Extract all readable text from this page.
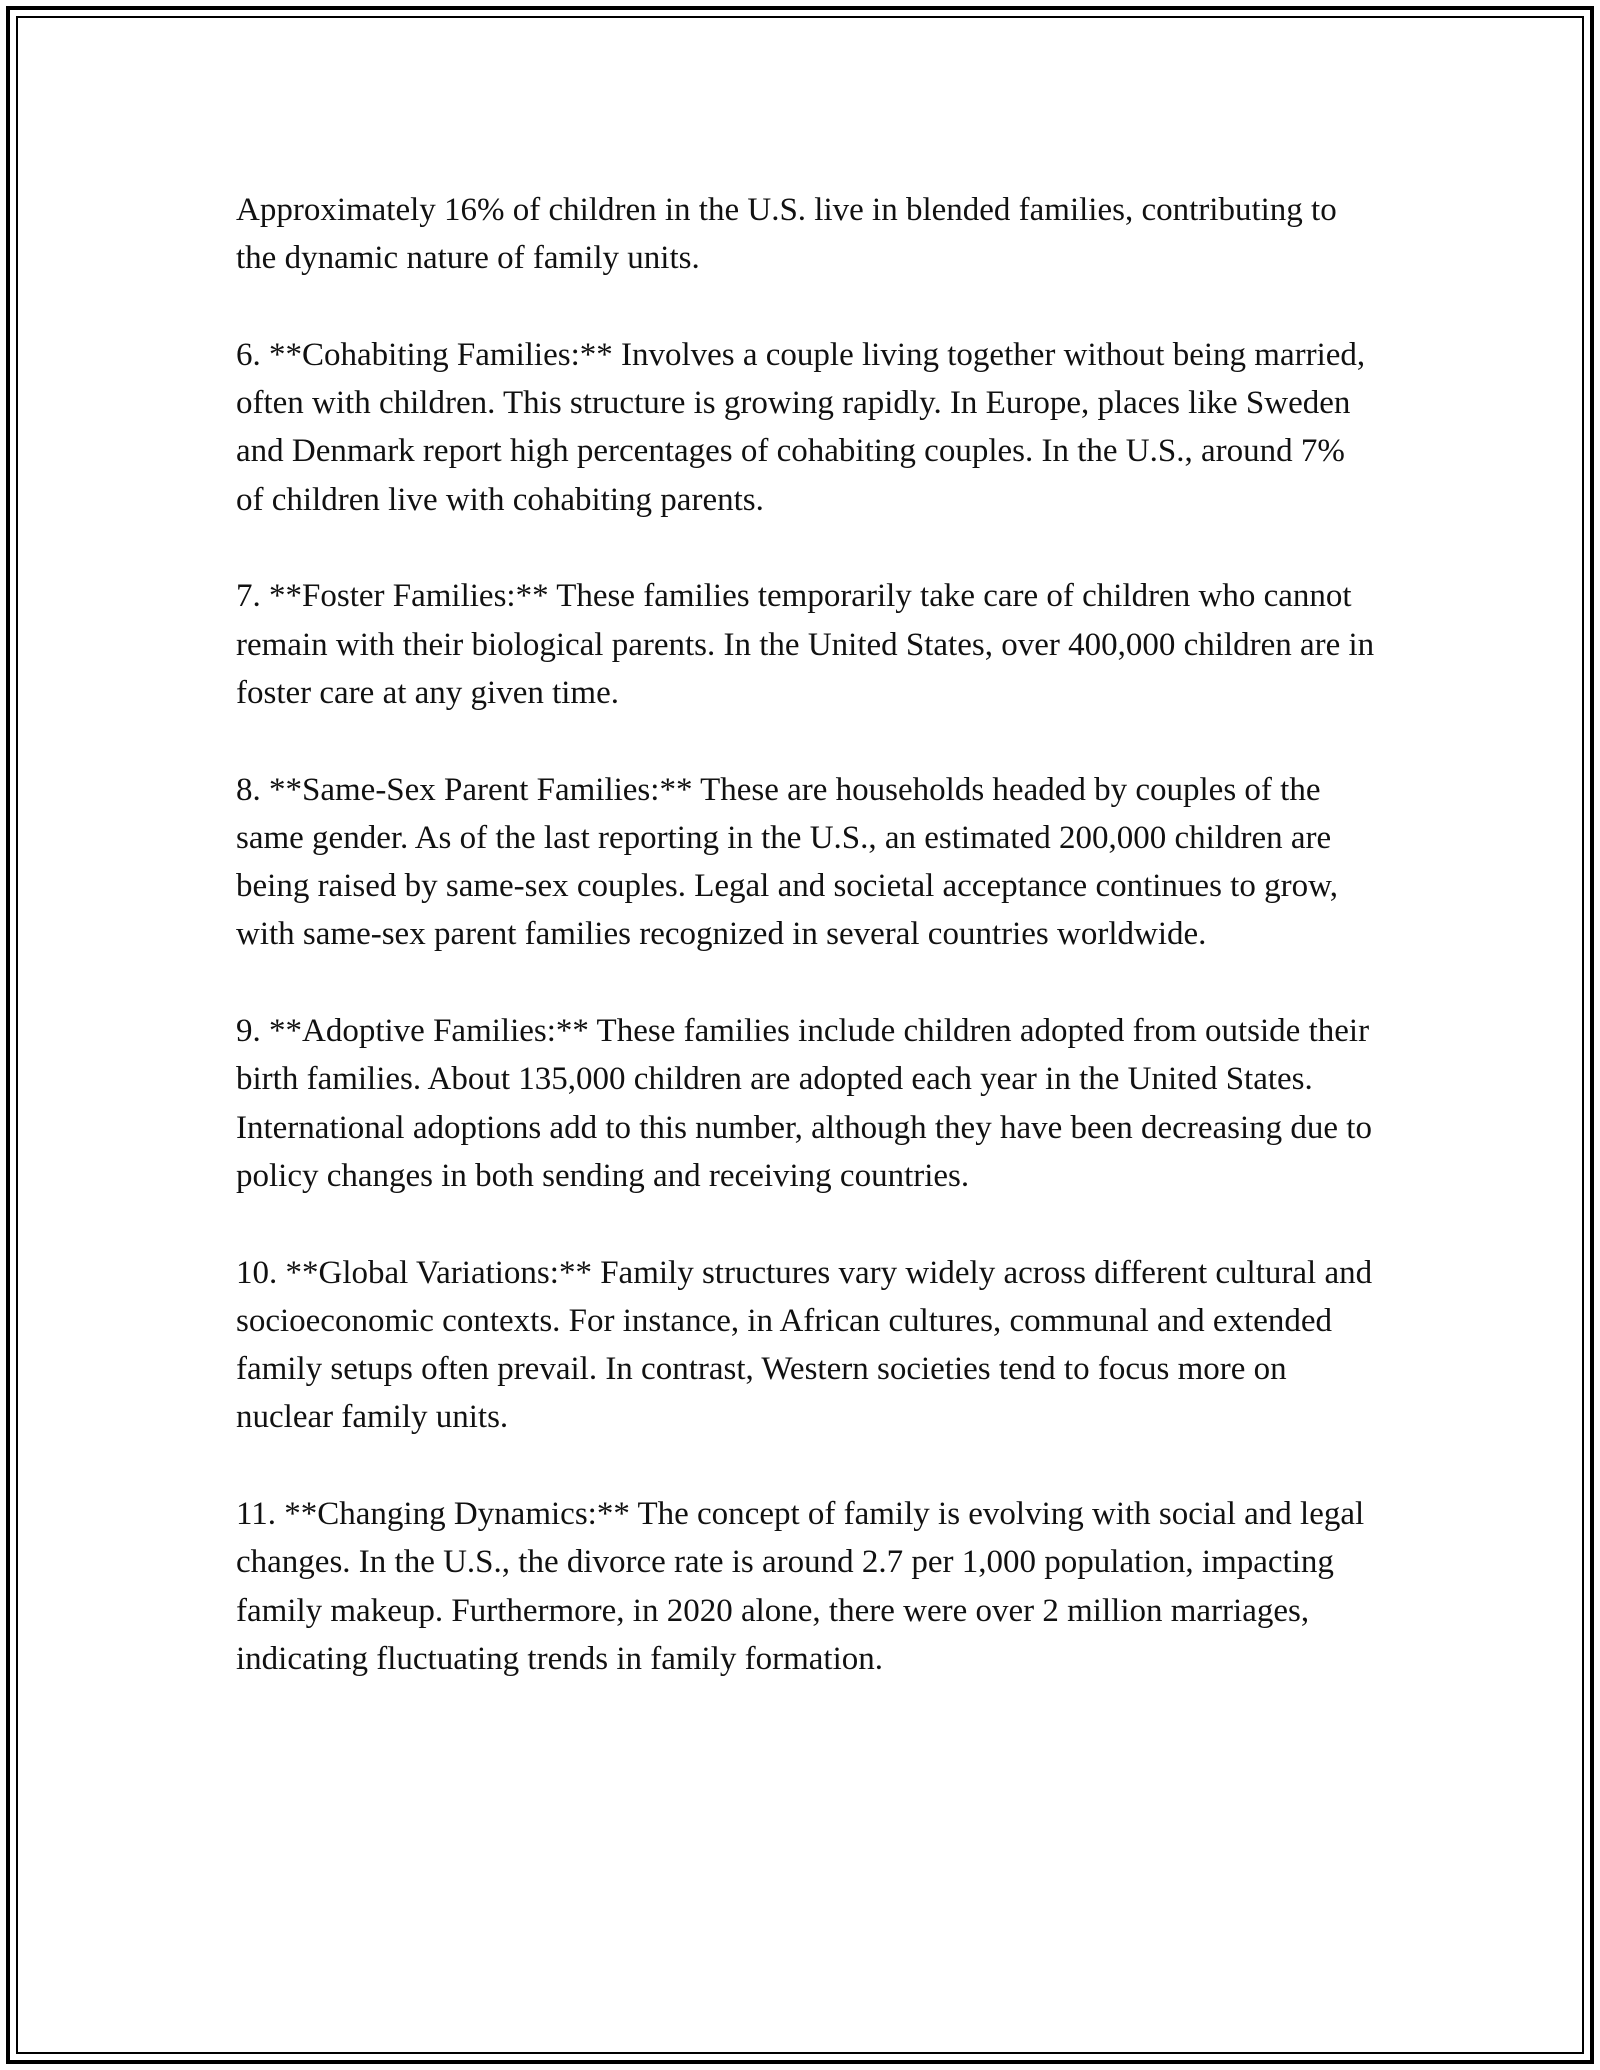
Approximately 16% of children in the U.S. live in blended families, contributing to the dynamic nature of family units.

6. **Cohabiting Families:** Involves a couple living together without being married, often with children. This structure is growing rapidly. In Europe, places like Sweden and Denmark report high percentages of cohabiting couples. In the U.S., around 7% of children live with cohabiting parents.

7. **Foster Families:** These families temporarily take care of children who cannot remain with their biological parents. In the United States, over 400,000 children are in foster care at any given time.

8. **Same-Sex Parent Families:** These are households headed by couples of the same gender. As of the last reporting in the U.S., an estimated 200,000 children are being raised by same-sex couples. Legal and societal acceptance continues to grow, with same-sex parent families recognized in several countries worldwide.

9. **Adoptive Families:** These families include children adopted from outside their birth families. About 135,000 children are adopted each year in the United States. International adoptions add to this number, although they have been decreasing due to policy changes in both sending and receiving countries.

10. **Global Variations:** Family structures vary widely across different cultural and socioeconomic contexts. For instance, in African cultures, communal and extended family setups often prevail. In contrast, Western societies tend to focus more on nuclear family units.

11. **Changing Dynamics:** The concept of family is evolving with social and legal changes. In the U.S., the divorce rate is around 2.7 per 1,000 population, impacting family makeup. Furthermore, in 2020 alone, there were over 2 million marriages, indicating fluctuating trends in family formation.
